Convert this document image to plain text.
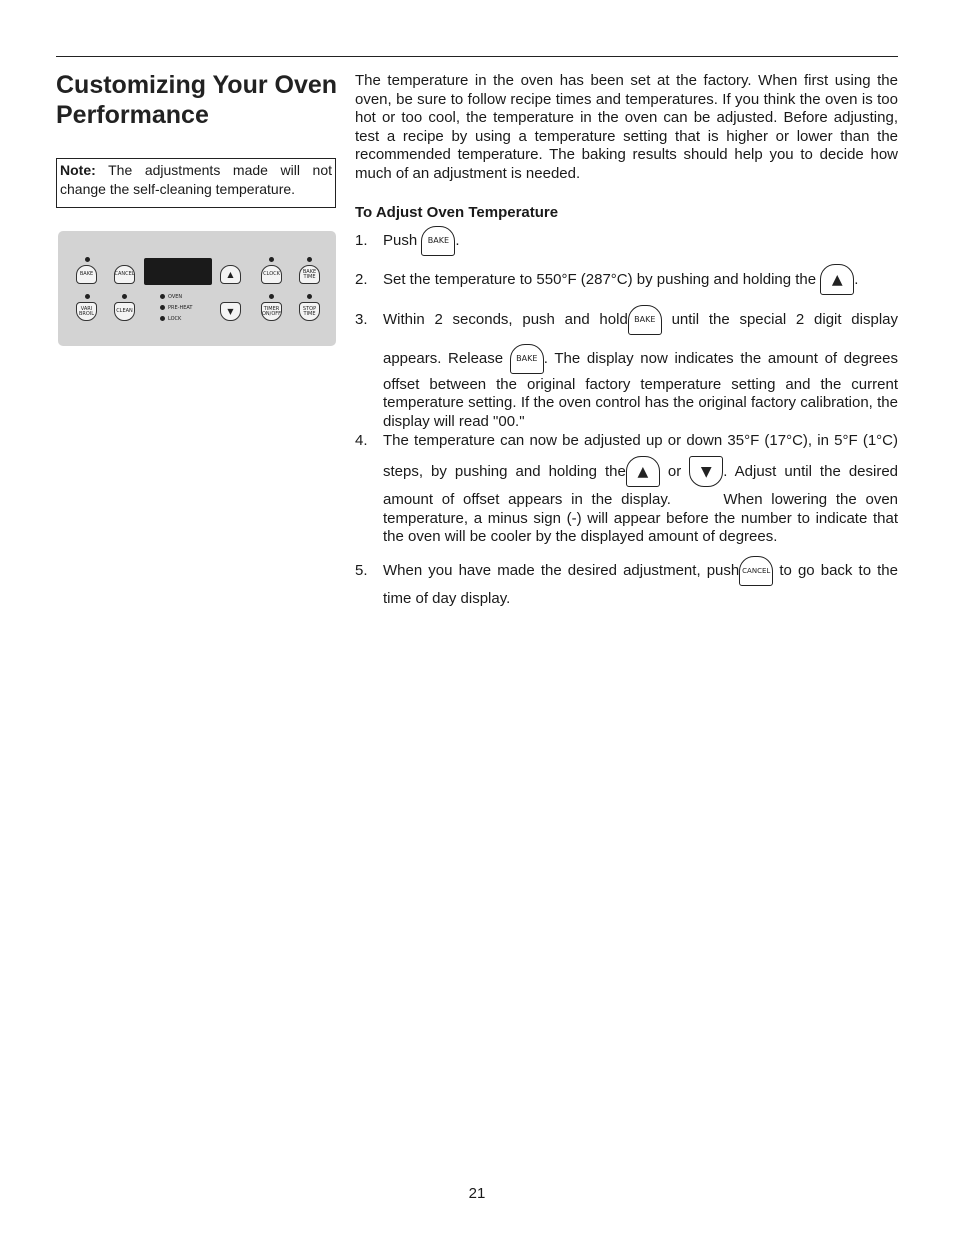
Customizing Your Oven Performance
Note: The adjustments made will not change the self-cleaning temperature.
BAKE	CANCEL	▲	CLOCK	BAKE TIME
VARI BROIL	CLEAN
OVEN
PRE-HEAT
LOCK
▼	TIMER ON/OFF
STOP TIME

The temperature in the oven has been set at the factory. When first using the oven, be sure to follow recipe times and temperatures. If you think the oven is too hot or too cool, the temperature in the oven can be adjusted. Before adjusting, test a recipe by using a temperature setting that is higher or lower than the recommended temperature. The baking results should help you to decide how much of an adjustment is needed.

To Adjust Oven Temperature
1. Push BAKE .
2. Set the temperature to 550°F (287°C) by pushing and holding the ▲ .
3. Within 2 seconds, push and hold BAKE until the special 2 digit display
appears. Release BAKE . The display now indicates the amount of degrees
offset between the original factory temperature setting and the current temperature setting. If the oven control has the original factory calibration, the display will read "00."
4. The temperature can now be adjusted up or down 35°F (17°C), in 5°F (1°C)
steps, by pushing and holding the ▲ or ▼ . Adjust until the desired
amount of offset appears in the display.      When lowering the oven temperature, a minus sign (-) will appear before the number to indicate that the oven will be cooler by the displayed amount of degrees.
5. When you have made the desired adjustment, push CANCEL to go back to the
time of day display.
21
